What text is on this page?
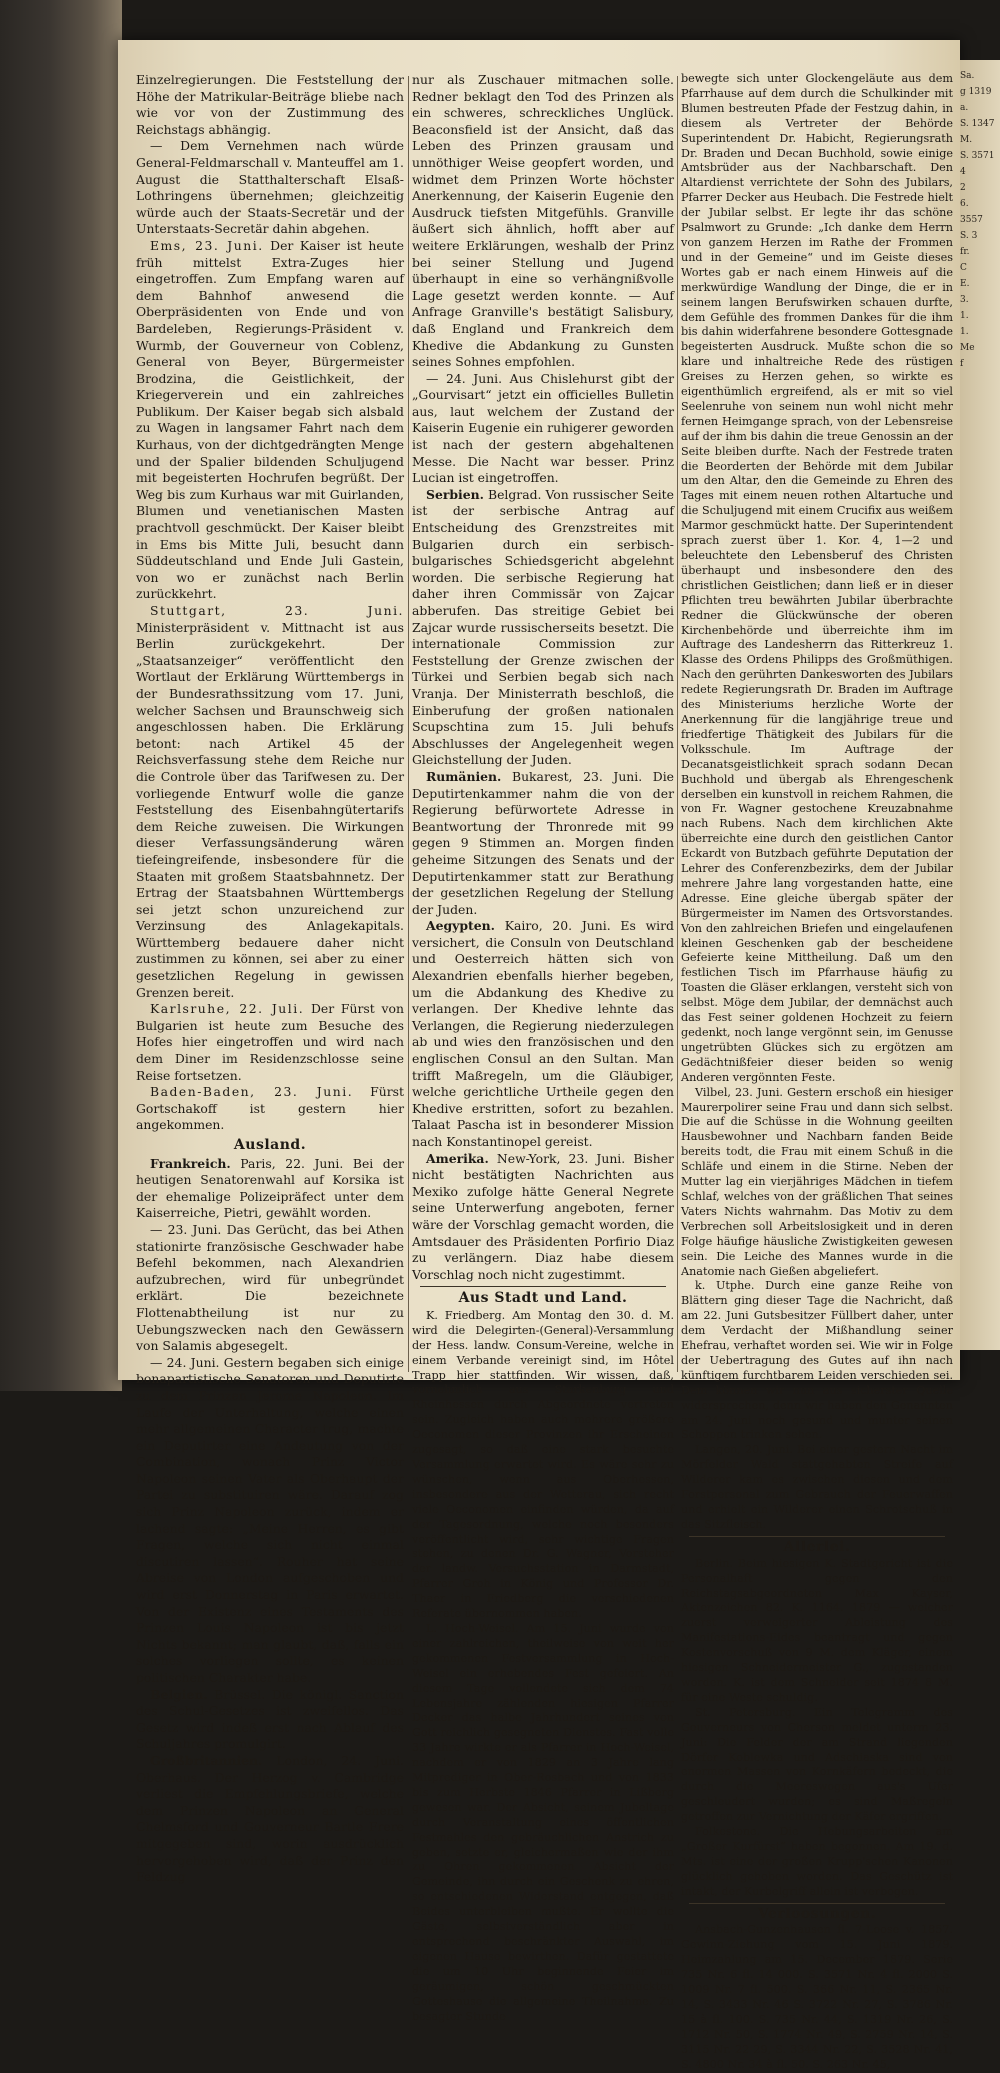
Sa.
g 1319
a.
S. 1347
M.
S. 3571
4
2
6.
3557
S. 3
fr.
C
E.
3.
1.
1.
Me
f

Einzelregierungen. Die Feststellung der Höhe der Matrikular-Beiträge bliebe nach wie vor von der Zustimmung des Reichstags abhängig.

— Dem Vernehmen nach würde General-Feldmarschall v. Manteuffel am 1. August die Statthalterschaft Elsaß-Lothringens übernehmen; gleichzeitig würde auch der Staats-Secretär und der Unterstaats-Secretär dahin abgehen.

Ems, 23. Juni. Der Kaiser ist heute früh mittelst Extra-Zuges hier eingetroffen. Zum Empfang waren auf dem Bahnhof anwesend die Oberpräsidenten von Ende und von Bardeleben, Regierungs-Präsident v. Wurmb, der Gouverneur von Coblenz, General von Beyer, Bürgermeister Brodzina, die Geistlichkeit, der Kriegerverein und ein zahlreiches Publikum. Der Kaiser begab sich alsbald zu Wagen in langsamer Fahrt nach dem Kurhaus, von der dichtgedrängten Menge und der Spalier bildenden Schuljugend mit begeisterten Hochrufen begrüßt. Der Weg bis zum Kurhaus war mit Guirlanden, Blumen und venetianischen Masten prachtvoll geschmückt. Der Kaiser bleibt in Ems bis Mitte Juli, besucht dann Süddeutschland und Ende Juli Gastein, von wo er zunächst nach Berlin zurückkehrt.

Stuttgart, 23. Juni. Ministerpräsident v. Mittnacht ist aus Berlin zurückgekehrt. Der „Staatsanzeiger“ veröffentlicht den Wortlaut der Erklärung Württembergs in der Bundesrathssitzung vom 17. Juni, welcher Sachsen und Braunschweig sich angeschlossen haben. Die Erklärung betont: nach Artikel 45 der Reichsverfassung stehe dem Reiche nur die Controle über das Tarifwesen zu. Der vorliegende Entwurf wolle die ganze Feststellung des Eisenbahngütertarifs dem Reiche zuweisen. Die Wirkungen dieser Verfassungsänderung wären tiefeingreifende, insbesondere für die Staaten mit großem Staatsbahnnetz. Der Ertrag der Staatsbahnen Württembergs sei jetzt schon unzureichend zur Verzinsung des Anlagekapitals. Württemberg bedauere daher nicht zustimmen zu können, sei aber zu einer gesetzlichen Regelung in gewissen Grenzen bereit.

Karlsruhe, 22. Juli. Der Fürst von Bulgarien ist heute zum Besuche des Hofes hier eingetroffen und wird nach dem Diner im Residenzschlosse seine Reise fortsetzen.

Baden-Baden, 23. Juni. Fürst Gortschakoff ist gestern hier angekommen.

Ausland.

Frankreich. Paris, 22. Juni. Bei der heutigen Senatorenwahl auf Korsika ist der ehemalige Polizeipräfect unter dem Kaiserreiche, Pietri, gewählt worden.

— 23. Juni. Das Gerücht, das bei Athen stationirte französische Geschwader habe Befehl bekommen, nach Alexandrien aufzubrechen, wird für unbegründet erklärt. Die bezeichnete Flottenabtheilung ist nur zu Uebungszwecken nach den Gewässern von Salamis abgesegelt.

— 24. Juni. Gestern begaben sich einige bonapartistische Senatoren und Deputirte zu dem Prinzen Jerome Napoleon. Im Laufe der Unterhaltung, welche einen mehr allgemeinen Character trug, machte ein Deputirter eine Andeutung von der Combination, wonach Prinz Victor Napoleon seinen Vater als Oberhaupt der Partei zu substituiren wäre. Darauf zog sich Prinz Napoleon zurück, indem er lachend sagte: „Meine Herren, es gibt Fragen, welche sich nicht einmal discutiren lassen“. Rouher hat seine Abreise von London aufgeschoben und wird erst Donnerstag in Paris erwartet. Von der Existenz eines Testaments des Prinzen Louis Napoleon ist bis jetzt Nichts bekannt; man glaubt, daß, falls ein solches vorliegen sollte, es keinen politischen Charakter habe.

Belgien. Brüssel. Die königl. Sanction des Schul-Gesetzes ist zweifellos. Das Gesetz wird indeß erst nach Ablauf des Schuljahres promulgirt.

Großbritannien. London, 24. Juni. Oberhaus. Der Herzog v. Cambridge verliest die Empfehlungsbriefe, welche dem Prinzen Napoleon an General Chelmsford und Gouverneur Bartle Frere mitgegeben sind, worin ausdrücklich hervorgehoben wird, daß der Prinz den Feldzug

nur als Zuschauer mitmachen solle. Redner beklagt den Tod des Prinzen als ein schweres, schreckliches Unglück. Beaconsfield ist der Ansicht, daß das Leben des Prinzen grausam und unnöthiger Weise geopfert worden, und widmet dem Prinzen Worte höchster Anerkennung, der Kaiserin Eugenie den Ausdruck tiefsten Mitgefühls. Granville äußert sich ähnlich, hofft aber auf weitere Erklärungen, weshalb der Prinz bei seiner Stellung und Jugend überhaupt in eine so verhängnißvolle Lage gesetzt werden konnte. — Auf Anfrage Granville's bestätigt Salisbury, daß England und Frankreich dem Khedive die Abdankung zu Gunsten seines Sohnes empfohlen.

— 24. Juni. Aus Chislehurst gibt der „Gourvisart“ jetzt ein officielles Bulletin aus, laut welchem der Zustand der Kaiserin Eugenie ein ruhigerer geworden ist nach der gestern abgehaltenen Messe. Die Nacht war besser. Prinz Lucian ist eingetroffen.

Serbien. Belgrad. Von russischer Seite ist der serbische Antrag auf Entscheidung des Grenzstreites mit Bulgarien durch ein serbisch-bulgarisches Schiedsgericht abgelehnt worden. Die serbische Regierung hat daher ihren Commissär von Zajcar abberufen. Das streitige Gebiet bei Zajcar wurde russischerseits besetzt. Die internationale Commission zur Feststellung der Grenze zwischen der Türkei und Serbien begab sich nach Vranja. Der Ministerrath beschloß, die Einberufung der großen nationalen Scupschtina zum 15. Juli behufs Abschlusses der Angelegenheit wegen Gleichstellung der Juden.

Rumänien. Bukarest, 23. Juni. Die Deputirtenkammer nahm die von der Regierung befürwortete Adresse in Beantwortung der Thronrede mit 99 gegen 9 Stimmen an. Morgen finden geheime Sitzungen des Senats und der Deputirtenkammer statt zur Berathung der gesetzlichen Regelung der Stellung der Juden.

Aegypten. Kairo, 20. Juni. Es wird versichert, die Consuln von Deutschland und Oesterreich hätten sich von Alexandrien ebenfalls hierher begeben, um die Abdankung des Khedive zu verlangen. Der Khedive lehnte das Verlangen, die Regierung niederzulegen ab und wies den französischen und den englischen Consul an den Sultan. Man trifft Maßregeln, um die Gläubiger, welche gerichtliche Urtheile gegen den Khedive erstritten, sofort zu bezahlen. Talaat Pascha ist in besonderer Mission nach Konstantinopel gereist.

Amerika. New-York, 23. Juni. Bisher nicht bestätigten Nachrichten aus Mexiko zufolge hätte General Negrete seine Unterwerfung angeboten, ferner wäre der Vorschlag gemacht worden, die Amtsdauer des Präsidenten Porfirio Diaz zu verlängern. Diaz habe diesem Vorschlag noch nicht zugestimmt.

Aus Stadt und Land.

K. Friedberg. Am Montag den 30. d. M. wird die Delegirten-(General)-Versammlung der Hess. landw. Consum-Vereine, welche in einem Verbande vereinigt sind, im Hôtel Trapp hier stattfinden. Wir wissen, daß, vornehmlich aus Starkenburg und Rheinhessen durch Abgeordnete vertreten sein. Zugleich haben auch mehrere größere Oeconomen dieser Provinzen ihr Erscheinen zugesagt, so daß eine stark besuchte Versammlung erwartet wird. Es wäre sehr zu wünschen, wenn aus Oberhessen, insbesondere aus der Wetterau, sich recht viele Oeconomen einfinden würden, da auf der Tagesordnung, welche noch besonders veröffentlicht wird, sehr wichtige Fragen stehen, zu denen Dr. G. Wagner, Vorsteher der landw. Versuchsstation in Darmstadt, Pfarrer Groh in König und Professor Dr. Thaer in Friedberg die verschiedenen Referate übernommen haben.

L. Hoch-Weisel. Am 15. Juni wurde von einer zahlreichen, theilweise von weit her gekommenen Festversammlung in Hoch-Weisel ein erhebendes Fest gefeiert. An diesem Tage vollendete sich dem 74 Lebensjahre zählenden hiesigen Pfarrer Decker das halbe Jahrhundert seines von Gott reichlich gesegneten Dienstes. Fast volle 33 Jahre wirkte er als Pfarrer in Hoch-Weisel, nachdem er von 1829 an 3 Jahre lang Mitprediger in Ober-Rosbach und von 1833 bis zum Herbste 1846 Pfarrer in Lißberg gewesen war. Der Absicht, seinem Jubeltage durch Veranstaltung eines öffentlichen Festmahles den gebräuchlichen Anstrich zu geben, setzte er, gleichermaßen wie der ihm zu Ohren gekommenen Absicht der Gemeinde, ihn durch ein Geschenk zu ehren, so entschiedenen Widerstand entgegen, daß Beides unterbleiben mußte. Er wollte die Gäste, selbstverständlich aber in entsprechend beschränkter Auswahl, im eigenen Hause bewirthen. Dafür gestattete die um 10 Uhr beginnende Feier im geräumigen, schön geschmückten Gotteshause die allgemeine Theilnahme. Zu besagter Stunde

bewegte sich unter Glockengeläute aus dem Pfarrhause auf dem durch die Schulkinder mit Blumen bestreuten Pfade der Festzug dahin, in diesem als Vertreter der Behörde Superintendent Dr. Habicht, Regierungsrath Dr. Braden und Decan Buchhold, sowie einige Amtsbrüder aus der Nachbarschaft. Den Altardienst verrichtete der Sohn des Jubilars, Pfarrer Decker aus Heubach. Die Festrede hielt der Jubilar selbst. Er legte ihr das schöne Psalmwort zu Grunde: „Ich danke dem Herrn von ganzem Herzen im Rathe der Frommen und in der Gemeine“ und im Geiste dieses Wortes gab er nach einem Hinweis auf die merkwürdige Wandlung der Dinge, die er in seinem langen Berufswirken schauen durfte, dem Gefühle des frommen Dankes für die ihm bis dahin widerfahrene besondere Gottesgnade begeisterten Ausdruck. Mußte schon die so klare und inhaltreiche Rede des rüstigen Greises zu Herzen gehen, so wirkte es eigenthümlich ergreifend, als er mit so viel Seelenruhe von seinem nun wohl nicht mehr fernen Heimgange sprach, von der Lebensreise auf der ihm bis dahin die treue Genossin an der Seite bleiben durfte. Nach der Festrede traten die Beorderten der Behörde mit dem Jubilar um den Altar, den die Gemeinde zu Ehren des Tages mit einem neuen rothen Altartuche und die Schuljugend mit einem Crucifix aus weißem Marmor geschmückt hatte. Der Superintendent sprach zuerst über 1. Kor. 4, 1—2 und beleuchtete den Lebensberuf des Christen überhaupt und insbesondere den des christlichen Geistlichen; dann ließ er in dieser Pflichten treu bewährten Jubilar überbrachte Redner die Glückwünsche der oberen Kirchenbehörde und überreichte ihm im Auftrage des Landesherrn das Ritterkreuz 1. Klasse des Ordens Philipps des Großmüthigen. Nach den gerührten Dankesworten des Jubilars redete Regierungsrath Dr. Braden im Auftrage des Ministeriums herzliche Worte der Anerkennung für die langjährige treue und friedfertige Thätigkeit des Jubilars für die Volksschule. Im Auftrage der Decanatsgeistlichkeit sprach sodann Decan Buchhold und übergab als Ehrengeschenk derselben ein kunstvoll in reichem Rahmen, die von Fr. Wagner gestochene Kreuzabnahme nach Rubens. Nach dem kirchlichen Akte überreichte eine durch den geistlichen Cantor Eckardt von Butzbach geführte Deputation der Lehrer des Conferenzbezirks, dem der Jubilar mehrere Jahre lang vorgestanden hatte, eine Adresse. Eine gleiche übergab später der Bürgermeister im Namen des Ortsvorstandes. Von den zahlreichen Briefen und eingelaufenen kleinen Geschenken gab der bescheidene Gefeierte keine Mittheilung. Daß um den festlichen Tisch im Pfarrhause häufig zu Toasten die Gläser erklangen, versteht sich von selbst. Möge dem Jubilar, der demnächst auch das Fest seiner goldenen Hochzeit zu feiern gedenkt, noch lange vergönnt sein, im Genusse ungetrübten Glückes sich zu ergötzen am Gedächtnißfeier dieser beiden so wenig Anderen vergönnten Feste.

Vilbel, 23. Juni. Gestern erschoß ein hiesiger Maurerpolirer seine Frau und dann sich selbst. Die auf die Schüsse in die Wohnung geeilten Hausbewohner und Nachbarn fanden Beide bereits todt, die Frau mit einem Schuß in die Schläfe und einem in die Stirne. Neben der Mutter lag ein vierjähriges Mädchen in tiefem Schlaf, welches von der gräßlichen That seines Vaters Nichts wahrnahm. Das Motiv zu dem Verbrechen soll Arbeitslosigkeit und in deren Folge häufige häusliche Zwistigkeiten gewesen sein. Die Leiche des Mannes wurde in die Anatomie nach Gießen abgeliefert.

k. Utphe. Durch eine ganze Reihe von Blättern ging dieser Tage die Nachricht, daß am 22. Juni Gutsbesitzer Füllbert daher, unter dem Verdacht der Mißhandlung seiner Ehefrau, verhaftet worden sei. Wie wir in Folge der Uebertragung des Gutes auf ihn nach künftigem furchtbarem Leiden verschieden sei. Dem können wir nun aus sicherster Quelle widersprechen, denn wir haben den Genannten am 24. Juni noch gesund und munter seinen Schoppen trinken sehen.

Langen, 20. Juni. Bei einer gestern Nacht im Mörfelder Wald stattgehabten Streife auf Wilderer kam es zwischen diesen und dem Forstpersonal zum Gebrauch der Feuerwaffen und erhielt ein Wilderer einen Schrotschuß in das Sitzfleisch.

Allerlei.

Berlin. Beim hiesigen K. Stadtgericht ist die Personalhaft gegen den Reichstagsabgeordneten Max Kayser, Aktenzeichen 82. K. 1164. 1879 — welcher zuerst verweigerter Ableistung des Manifestations-Eides beantragt und gegen Kostenvorschuß von 9 M. dem Kläger, einem hiesigen Schneidermeister G., zugestanden worden. K. ist dem Schneider seit 1874 8 M. für eine Weste schuldig.

St. Petersburg. Ein Telegramm des Gouverneurs von Cherson meldet unterm 23. Juni: Die Felder der am Strand liegenden Dörfer Koblewka und Adschiaska sind von enormen Massen von Kornkäfern bedeckt, die durch die Meereswogen aus's Ufer geschleudert wurden; es sind Maßregeln getroffen zur Vernichtung der Käfer ergriffen.

Folkestone. Die Hebungsarbeiten am „Großer Kurfürst“ haben begonnen. Am 19. d. Mts. ist eine der großen Krupp'schen Kanonen glücklich gehoben worden. Das Geschütz ist intakt, der Kurbelgriff allein ist verbogen.

Verloosungen.

Ansbach-Gunzenhausen fl. 7-Loose v. 1857. Gewinn-Ziehung vom 15. Juni 1879. Heimzahlung am 15. December 1879. Serie 735 Nr. 6 fl. 14 000. S. 3571 Nr. 4 fl. 2000 S. 1009 Nr. 7 fl. 500. S. 366 Nr. 11, S. 2365 Nr. 14, S. 3433 Nr. 46 S. 3722 Nr. 27, S. 3786 Nr. 15 à fl. 100. S. 735 Nr. 44, S. 1319 Nr. 26, S. 1712 Nr. 50, S. 1774 Nr. 49, S. 2759 Nr. 14, S. 3115 Nr. 22 29, S. 3344 Nr. 22, S. 3528 Nr. 41, S. 4800 Nr. 34 à fl. 50. S. 263 Nr. 45,
